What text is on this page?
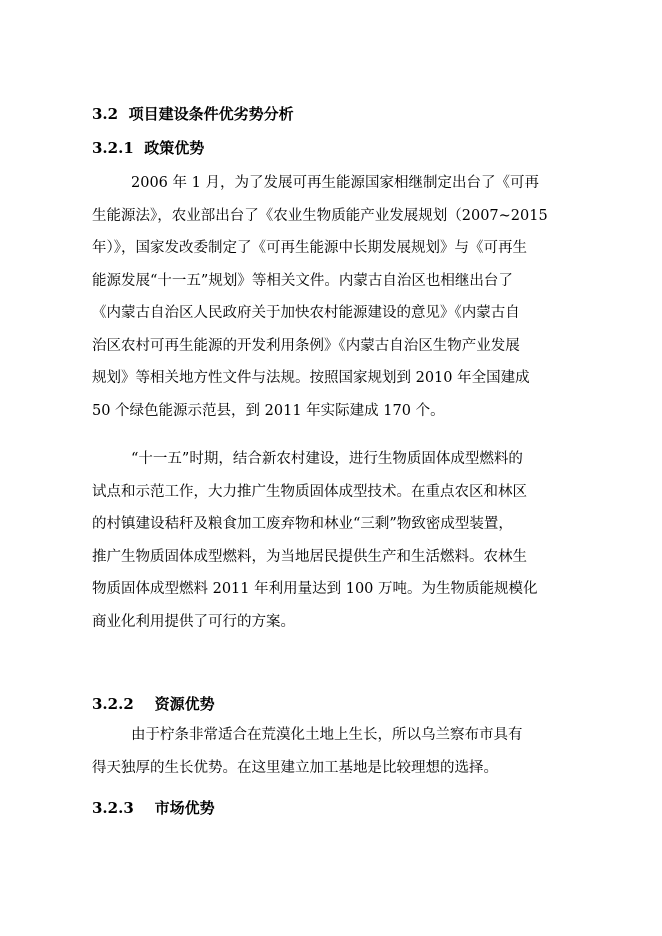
3.2 项目建设条件优劣势分析
3.2.1 政策优势
2006 年 1 月，为了发展可再生能源国家相继制定出台了《可再
生能源法》，农业部出台了《农业生物质能产业发展规划（2007~2015
年）》，国家发改委制定了《可再生能源中长期发展规划》与《可再生
能源发展“十一五”规划》等相关文件。内蒙古自治区也相继出台了
《内蒙古自治区人民政府关于加快农村能源建设的意见》《内蒙古自
治区农村可再生能源的开发利用条例》《内蒙古自治区生物产业发展
规划》等相关地方性文件与法规。按照国家规划到 2010 年全国建成
50 个绿色能源示范县，到 2011 年实际建成 170 个。
“十一五”时期，结合新农村建设，进行生物质固体成型燃料的
试点和示范工作，大力推广生物质固体成型技术。在重点农区和林区
的村镇建设秸秆及粮食加工废弃物和林业“三剩”物致密成型装置，
推广生物质固体成型燃料，为当地居民提供生产和生活燃料。农林生
物质固体成型燃料 2011 年利用量达到 100 万吨。为生物质能规模化
商业化利用提供了可行的方案。
3.2.2 资源优势
由于柠条非常适合在荒漠化土地上生长，所以乌兰察布市具有
得天独厚的生长优势。在这里建立加工基地是比较理想的选择。
3.2.3 市场优势
